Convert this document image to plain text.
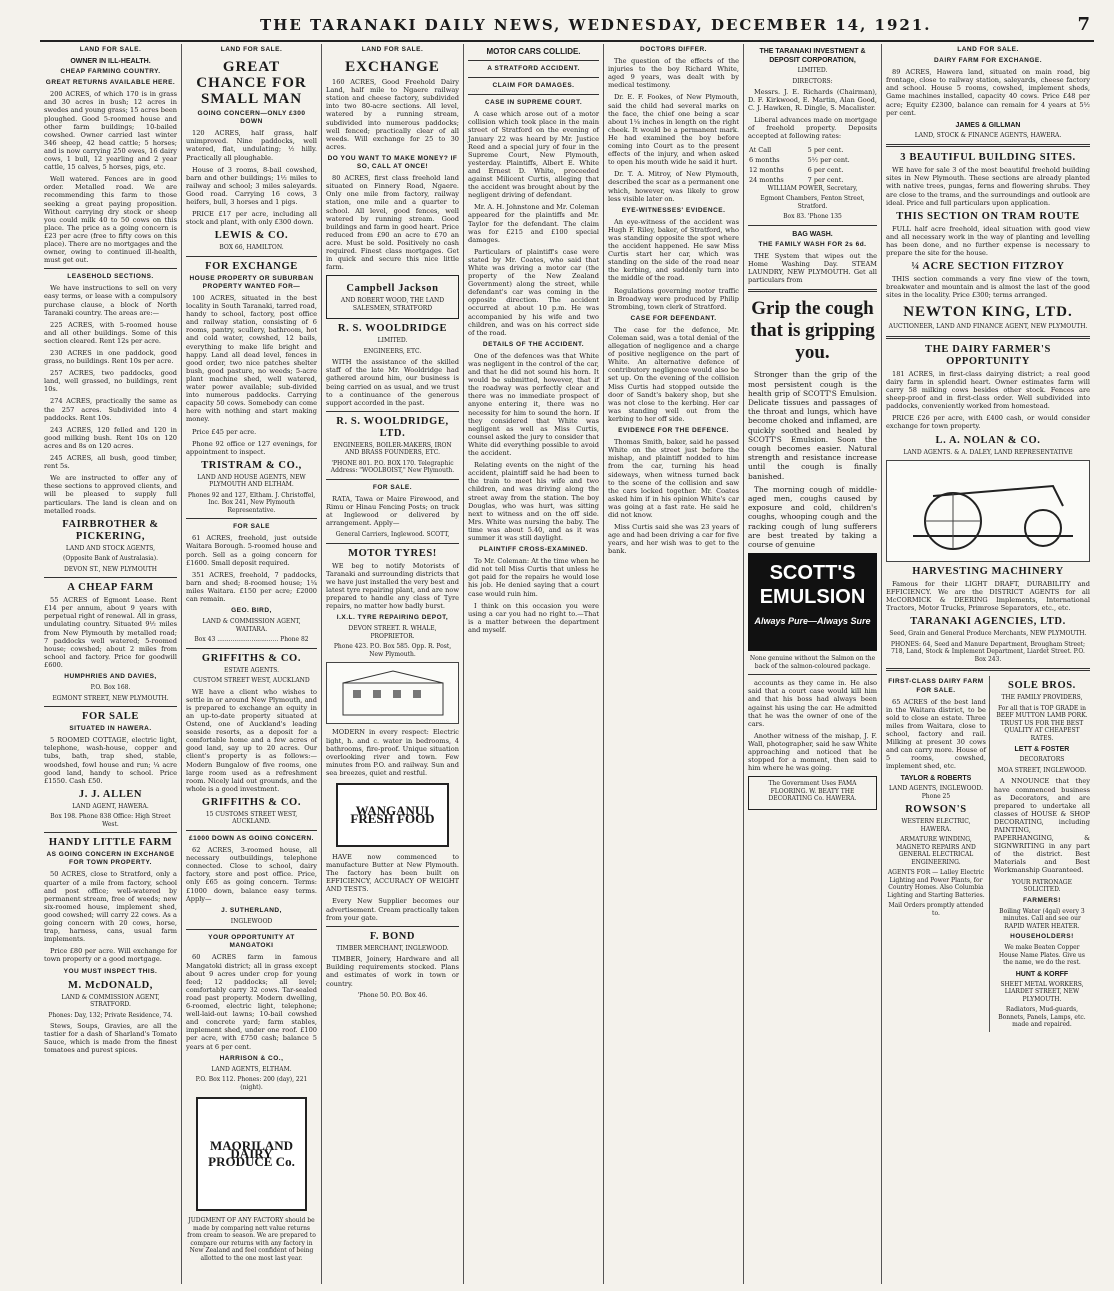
THE TARANAKI DAILY NEWS, WEDNESDAY, DECEMBER 14, 1921.	7
LAND FOR SALE.
OWNER IN ILL-HEALTH.
CHEAP FARMING COUNTRY.
GREAT RETURNS AVAILABLE HERE.

200 ACRES, of which 170 is in grass and 30 acres in bush; 12 acres in swedes and young grass; 15 acres been ploughed. Good 5-roomed house and other farm buildings; 10-bailed cowshed. Owner carried last winter 346 sheep, 42 head cattle; 5 horses; and is now carrying 250 ewes, 16 dairy cows, 1 bull, 12 yearling and 2 year cattle, 15 calves, 5 horses, pigs, etc.

Well watered. Fences are in good order. Metalled road. We are recommending this farm to those seeking a great paying proposition. Without carrying dry stock or sheep you could milk 40 to 50 cows on this place. The price as a going concern is £23 per acre (free to fifty cows on this place). There are no mortgages and the owner, owing to continued ill-health, must get out.

LEASEHOLD SECTIONS.

We have instructions to sell on very easy terms, or lease with a compulsory purchase clause, a block of North Taranaki country. The areas are:—

225 ACRES, with 5-roomed house and all other buildings. Some of this section cleared. Rent 12s per acre.

230 ACRES in one paddock, good grass, no buildings. Rent 10s per acre.

257 ACRES, two paddocks, good land, well grassed, no buildings, rent 10s.

274 ACRES, practically the same as the 257 acres. Subdivided into 4 paddocks. Rent 10s.

243 ACRES, 120 felled and 120 in good milking bush. Rent 10s on 120 acres and 8s on 120 acres.

245 ACRES, all bush, good timber, rent 5s.

We are instructed to offer any of these sections to approved clients, and will be pleased to supply full particulars. The land is clean and on metalled roads.

FAIRBROTHER & PICKERING,
LAND AND STOCK AGENTS,
(Opposite Bank of Australasia).
DEVON ST., NEW PLYMOUTH
A CHEAP FARM

55 ACRES of Egmont Lease. Rent £14 per annum, about 9 years with perpetual right of renewal. All in grass, undulating country. Situated 9½ miles from New Plymouth by metalled road; 7 paddocks well watered; 5-roomed house; cowshed; about 2 miles from school and factory. Price for goodwill £600.

HUMPHRIES AND DAVIES,
P.O. Box 168.
EGMONT STREET, NEW PLYMOUTH.
FOR SALE
SITUATED IN HAWERA.

5 ROOMED COTTAGE, electric light, telephone, wash-house, copper and tubs, bath, trap shed, stable, woodshed, fowl house and run; ¼ acre good land, handy to school. Price £1550. Cash £50.

J. J. ALLEN
LAND AGENT, HAWERA.
Box 198. Phone 838 Office: High Street West.
HANDY LITTLE FARM
AS GOING CONCERN IN EXCHANGE FOR TOWN PROPERTY.

50 ACRES, close to Stratford, only a quarter of a mile from factory, school and post office; well-watered by permanent stream, free of weeds; new six-roomed house, implement shed, good cowshed; will carry 22 cows. As a going concern with 20 cows, horse, trap, harness, cans, usual farm implements.

Price £80 per acre. Will exchange for town property or a good mortgage.

YOU MUST INSPECT THIS.
M. McDONALD,
LAND & COMMISSION AGENT, STRATFORD.
Phones: Day, 132; Private Residence, 74.

Stews, Soups, Gravies, are all the tastier for a dash of Sharland's Tomato Sauce, which is made from the finest tomatoes and purest spices.

LAND FOR SALE.
GREAT CHANCE FOR SMALL MAN
GOING CONCERN—ONLY £300 DOWN

120 ACRES, half grass, half unimproved. Nine paddocks, well watered, flat, undulating; ½ hilly. Practically all ploughable.

House of 3 rooms, 8-bail cowshed, barn and other buildings; 1½ miles to railway and school; 3 miles saleyards. Good road. Carrying 16 cows, 3 heifers, bull, 3 horses and 1 pigs.

PRICE £17 per acre, including all stock and plant, with only £300 down.

LEWIS & CO.
BOX 66, HAMILTON.
FOR EXCHANGE
HOUSE PROPERTY OR SUBURBAN PROPERTY WANTED FOR—

100 ACRES, situated in the best locality in South Taranaki, tarred road, handy to school, factory, post office and railway station, consisting of 6 rooms, pantry, scullery, bathroom, hot and cold water, cowshed, 12 bails, everything to make life bright and happy. Land all dead level, fences in good order, two nice patches shelter bush, good pasture, no weeds; 5-acre plant machine shed, well watered, water power available; sub-divided into numerous paddocks. Carrying capacity 50 cows. Somebody can come here with nothing and start making money.

Price £45 per acre.

Phone 92 office or 127 evenings, for appointment to inspect.

TRISTRAM & CO.,
LAND AND HOUSE AGENTS, NEW PLYMOUTH AND ELTHAM.
Phones 92 and 127, Eltham. J. Christoffel, Inc. Box 241, New Plymouth Representative.
FOR SALE

61 ACRES, freehold, just outside Waitara Borough. 5-roomed house and porch. Sell as a going concern for £1600. Small deposit required.

351 ACRES, freehold, 7 paddocks, barn and shed; 8-roomed house; 1¼ miles Waitara. £150 per acre; £2000 can remain.

GEO. BIRD,
LAND & COMMISSION AGENT, WAITARA.
Box 43 ................................ Phone 82
GRIFFITHS & CO.
ESTATE AGENTS.
CUSTOM STREET WEST, AUCKLAND

WE have a client who wishes to settle in or around New Plymouth, and is prepared to exchange an equity in an up-to-date property situated at Ostend, one of Auckland's leading seaside resorts, as a deposit for a comfortable home and a few acres of good land, say up to 20 acres. Our client's property is as follows:—Modern Bungalow of five rooms, one large room used as a refreshment room. Nicely laid out grounds, and the whole is a good investment.

GRIFFITHS & CO.
15 CUSTOMS STREET WEST, AUCKLAND.
£1000 DOWN AS GOING CONCERN.

62 ACRES, 3-roomed house, all necessary outbuildings, telephone connected. Close to school, dairy factory, store and post office. Price, only £65 as going concern. Terms: £1000 down, balance easy terms. Apply—

J. SUTHERLAND,
INGLEWOOD
YOUR OPPORTUNITY AT MANGATOKI

60 ACRES farm in famous Mangatoki district; all in grass except about 9 acres under crop for young feed; 12 paddocks; all level; comfortably carry 32 cows. Tar-sealed road past property. Modern dwelling, 6-roomed, electric light, telephone; well-laid-out lawns; 10-bail cowshed and concrete yard; farm stables, implement shed, under one roof. £100 per acre, with £750 cash; balance 5 years at 6 per cent.

HARRISON & CO.,
LAND AGENTS, ELTHAM.
P.O. Box 112. Phones: 200 (day), 221 (night).
MAORILAND DAIRY PRODUCE Co.
JUDGMENT OF ANY FACTORY should be made by comparing nett value returns from cream to season. We are prepared to compare our returns with any factory in New Zealand and feel confident of being allotted to the one most last year.
LAND FOR SALE.
EXCHANGE

160 ACRES, Good Freehold Dairy Land, half mile to Ngaere railway station and cheese factory, subdivided into two 80-acre sections. All level, watered by a running stream, subdivided into numerous paddocks; well fenced; practically clear of all weeds. Will exchange for 25 to 30 acres.

DO YOU WANT TO MAKE MONEY? IF SO, CALL AT ONCE!

80 ACRES, first class freehold land situated on Finnery Road, Ngaere. Only one mile from factory, railway station, one mile and a quarter to school. All level, good fences, well watered by running stream. Good buildings and farm in good heart. Price reduced from £90 an acre to £70 an acre. Must be sold. Positively no cash required. Finest class mortgages. Get in quick and secure this nice little farm.

Campbell Jackson
AND ROBERT WOOD, THE LAND SALESMEN, STRATFORD
R. S. WOOLDRIDGE
LIMITED.
ENGINEERS, ETC.

WITH the assistance of the skilled staff of the late Mr. Wooldridge had gathered around him, our business is being carried on as usual, and we trust to a continuance of the generous support accorded in the past.

R. S. WOOLDRIDGE, LTD.
ENGINEERS, BOILER-MAKERS, IRON AND BRASS FOUNDERS, ETC.
'PHONE 801. P.O. BOX 170. Telegraphic Address: "WOOLBOIST," New Plymouth.
FOR SALE.

RATA, Tawa or Maire Firewood, and Rimu or Hinau Fencing Posts; on truck at Inglewood or delivered by arrangement. Apply—

General Carriers, Inglewood. SCOTT,
MOTOR TYRES!

WE beg to notify Motorists of Taranaki and surrounding districts that we have just installed the very best and latest tyre repairing plant, and are now prepared to handle any class of Tyre repairs, no matter how badly burst.

I.X.L. TYRE REPAIRING DEPOT,
DEVON STREET. R. WHALE, PROPRIETOR.
Phone 423. P.O. Box 585. Opp. R. Post, New Plymouth.

MODERN in every respect: Electric light, h. and c. water in bedrooms, 4 bathrooms, fire-proof. Unique situation overlooking river and town. Few minutes from P.O. and railway. Sun and sea breezes, quiet and restful.

WANGANUI FRESH FOOD

HAVE now commenced to manufacture Butter at New Plymouth. The factory has been built on EFFICIENCY, ACCURACY OF WEIGHT AND TESTS.

Every New Supplier becomes our advertisement. Cream practically taken from your gate.

F. BOND
TIMBER MERCHANT, INGLEWOOD.

TIMBER, Joinery, Hardware and all Building requirements stocked. Plans and estimates of work in town or country.

'Phone 50. P.O. Box 46.
MOTOR CARS COLLIDE.
A STRATFORD ACCIDENT.
CLAIM FOR DAMAGES.
CASE IN SUPREME COURT.

A case which arose out of a motor collision which took place in the main street of Stratford on the evening of January 22 was heard by Mr. Justice Reed and a special jury of four in the Supreme Court, New Plymouth, yesterday. Plaintiffs, Albert E. White and Ernest D. White, proceeded against Milicent Curtis, alleging that the accident was brought about by the negligent driving of defendant.

Mr. A. H. Johnstone and Mr. Coleman appeared for the plaintiffs and Mr. Taylor for the defendant. The claim was for £215 and £100 special damages.

Particulars of plaintiff's case were stated by Mr. Coates, who said that White was driving a motor car (the property of the New Zealand Government) along the street, while defendant's car was coming in the opposite direction. The accident occurred at about 10 p.m. He was accompanied by his wife and two children, and was on his correct side of the road.

DETAILS OF THE ACCIDENT.

One of the defences was that White was negligent in the control of the car, and that he did not sound his horn. It would be submitted, however, that if the roadway was perfectly clear and there was no immediate prospect of anyone entering it, there was no necessity for him to sound the horn. If they considered that White was negligent as well as Miss Curtis, counsel asked the jury to consider that White did everything possible to avoid the accident.

Relating events on the night of the accident, plaintiff said he had been to the train to meet his wife and two children, and was driving along the street away from the station. The boy Douglas, who was hurt, was sitting next to witness and on the off side. Mrs. White was nursing the baby. The time was about 5.40, and as it was summer it was still daylight.

PLAINTIFF CROSS-EXAMINED.

To Mr. Coleman: At the time when he did not tell Miss Curtis that unless he got paid for the repairs he would lose his job. He denied saying that a court case would ruin him.

I think on this occasion you were using a car you had no right to.—That is a matter between the department and myself.

DOCTORS DIFFER.

The question of the effects of the injuries to the boy Richard White, aged 9 years, was dealt with by medical testimony.

Dr. E. F. Fookes, of New Plymouth, said the child had several marks on the face, the chief one being a scar about 1¼ inches in length on the right cheek. It would be a permanent mark. He had examined the boy before coming into Court as to the present effects of the injury, and when asked to open his mouth wide he said it hurt.

Dr. T. A. Mitroy, of New Plymouth, described the scar as a permanent one which, however, was likely to grow less visible later on.

EYE-WITNESSES' EVIDENCE.

An eye-witness of the accident was Hugh F. Riley, baker, of Stratford, who was standing opposite the spot where the accident happened. He saw Miss Curtis start her car, which was standing on the side of the road near the kerbing, and suddenly turn into the middle of the road.

Regulations governing motor traffic in Broadway were produced by Philip Strombing, town clerk of Stratford.

CASE FOR DEFENDANT.

The case for the defence, Mr. Coleman said, was a total denial of the allegation of negligence and a charge of positive negligence on the part of White. An alternative defence of contributory negligence would also be set up. On the evening of the collision Miss Curtis had stopped outside the door of Sandt's bakery shop, but she was not close to the kerbing. Her car was standing well out from the kerbing to her off side.

EVIDENCE FOR THE DEFENCE.

Thomas Smith, baker, said he passed White on the street just before the mishap, and plaintiff nodded to him from the car, turning his head sideways, when witness turned back to the scene of the collision and saw the cars locked together. Mr. Coates asked him if in his opinion White's car was going at a fast rate. He said he did not know.

Miss Curtis said she was 23 years of age and had been driving a car for five years, and her wish was to get to the bank.

THE TARANAKI INVESTMENT & DEPOSIT CORPORATION,
LIMITED.
DIRECTORS:

Messrs. J. E. Richards (Chairman), D. F. Kirkwood, E. Martin, Alan Good, C. J. Hawken, R. Dingle, S. Macalister.

Liberal advances made on mortgage of freehold property. Deposits accepted at following rates:

At Call	5 per cent.
6 months	5½ per cent.
12 months	6 per cent.
24 months	7 per cent.
WILLIAM POWER, Secretary,
Egmont Chambers, Fenton Street, Stratford.
Box 83. 'Phone 135
BAG WASH.
THE FAMILY WASH FOR 2s 6d.

THE System that wipes out the Home Washing Day. STEAM LAUNDRY, NEW PLYMOUTH. Get all particulars from

Grip the cough that is gripping you.

Stronger than the grip of the most persistent cough is the health grip of SCOTT'S Emulsion. Delicate tissues and passages of the throat and lungs, which have become choked and inflamed, are quickly soothed and healed by SCOTT'S Emulsion. Soon the cough becomes easier. Natural strength and resistance increase until the cough is finally banished.

The morning cough of middle-aged men, coughs caused by exposure and cold, children's coughs, whooping cough and the racking cough of lung sufferers are best treated by taking a course of genuine

SCOTT'S EMULSION
Always Pure—Always Sure
None genuine without the Salmon on the back of the salmon-coloured package.

accounts as they came in. He also said that a court case would kill him and that his boss had always been against his using the car. He admitted that he was the owner of one of the cars.

Another witness of the mishap, J. F. Wall, photographer, said he saw White approaching and noticed that he stopped for a moment, then said to him where he was going.

The Government Uses FAMA FLOORING. W. BEATY THE DECORATING Co. HAWERA.
LAND FOR SALE.
DAIRY FARM FOR EXCHANGE.

89 ACRES, Hawera land, situated on main road, big frontage, close to railway station, saleyards, cheese factory and school. House 5 rooms, cowshed, implement sheds, Game machines installed, capacity 40 cows. Price £48 per acre; Equity £2300, balance can remain for 4 years at 5½ per cent.

JAMES & GILLMAN
LAND, STOCK & FINANCE AGENTS, HAWERA.
3 BEAUTIFUL BUILDING SITES.

WE have for sale 3 of the most beautiful freehold building sites in New Plymouth. These sections are already planted with native trees, pungas, ferns and flowering shrubs. They are close to the trams, and the surroundings and outlook are ideal. Price and full particulars upon application.

THIS SECTION ON TRAM ROUTE

FULL half acre freehold, ideal situation with good view and all necessary work in the way of planting and levelling has been done, and no further expense is necessary to prepare the site for the house.

¼ ACRE SECTION FITZROY

THIS section commands a very fine view of the town, breakwater and mountain and is almost the last of the good sites in the locality. Price £300; terms arranged.

NEWTON KING, LTD.
AUCTIONEER, LAND AND FINANCE AGENT, NEW PLYMOUTH.
THE DAIRY FARMER'S OPPORTUNITY

181 ACRES, in first-class dairying district; a real good dairy farm in splendid heart. Owner estimates farm will carry 58 milking cows besides other stock. Fences are sheep-proof and in first-class order. Well subdivided into paddocks, conveniently worked from homestead.

PRICE £26 per acre, with £400 cash, or would consider exchange for town property.

L. A. NOLAN & CO.
LAND AGENTS. & A. DALEY, LAND REPRESENTATIVE
HARVESTING MACHINERY

Famous for their LIGHT DRAFT, DURABILITY and EFFICIENCY. We are the DISTRICT AGENTS for all McCORMICK & DEERING Implements, International Tractors, Motor Trucks, Primrose Separators, etc., etc.

TARANAKI AGENCIES, LTD.
Seed, Grain and General Produce Merchants, NEW PLYMOUTH.
PHONES: 64, Seed and Manure Department, Brougham Street; 718, Land, Stock & Implement Department, Liardet Street. P.O. Box 243.
FIRST-CLASS DAIRY FARM FOR SALE.

65 ACRES of the best land in the Waitara district, to be sold to close an estate. Three miles from Waitara, close to school, factory and rail. Milking at present 30 cows and can carry more. House of 5 rooms, cowshed, implement shed, etc.

TAYLOR & ROBERTS
LAND AGENTS, INGLEWOOD. Phone 25
ROWSON'S
WESTERN ELECTRIC, HAWERA.
ARMATURE WINDING, MAGNETO REPAIRS AND GENERAL ELECTRICAL ENGINEERING.
AGENTS FOR — Lalley Electric Lighting and Power Plants, for Country Homes. Also Columbia Lighting and Starting Batteries.
Mail Orders promptly attended to.
SOLE BROS.
THE FAMILY PROVIDERS,
For all that is TOP GRADE in BEEF MUTTON LAMB PORK. TRUST US FOR THE BEST QUALITY AT CHEAPEST RATES.
LETT & FOSTER
DECORATORS
MOA STREET, INGLEWOOD.

A NNOUNCE that they have commenced business as Decorators, and are prepared to undertake all classes of HOUSE & SHOP DECORATING, including PAINTING, PAPERHANGING, & SIGNWRITING in any part of the district. Best Materials and Best Workmanship Guaranteed.

YOUR PATRONAGE SOLICITED.
FARMERS!
Boiling Water (4gal) every 3 minutes. Call and see our RAPID WATER HEATER.
HOUSEHOLDERS!
We make Beaten Copper House Name Plates. Give us the name, we do the rest.
HUNT & KORFF
SHEET METAL WORKERS, LIARDET STREET, NEW PLYMOUTH.
Radiators, Mud-guards, Bonnets, Panels, Lamps, etc. made and repaired.
